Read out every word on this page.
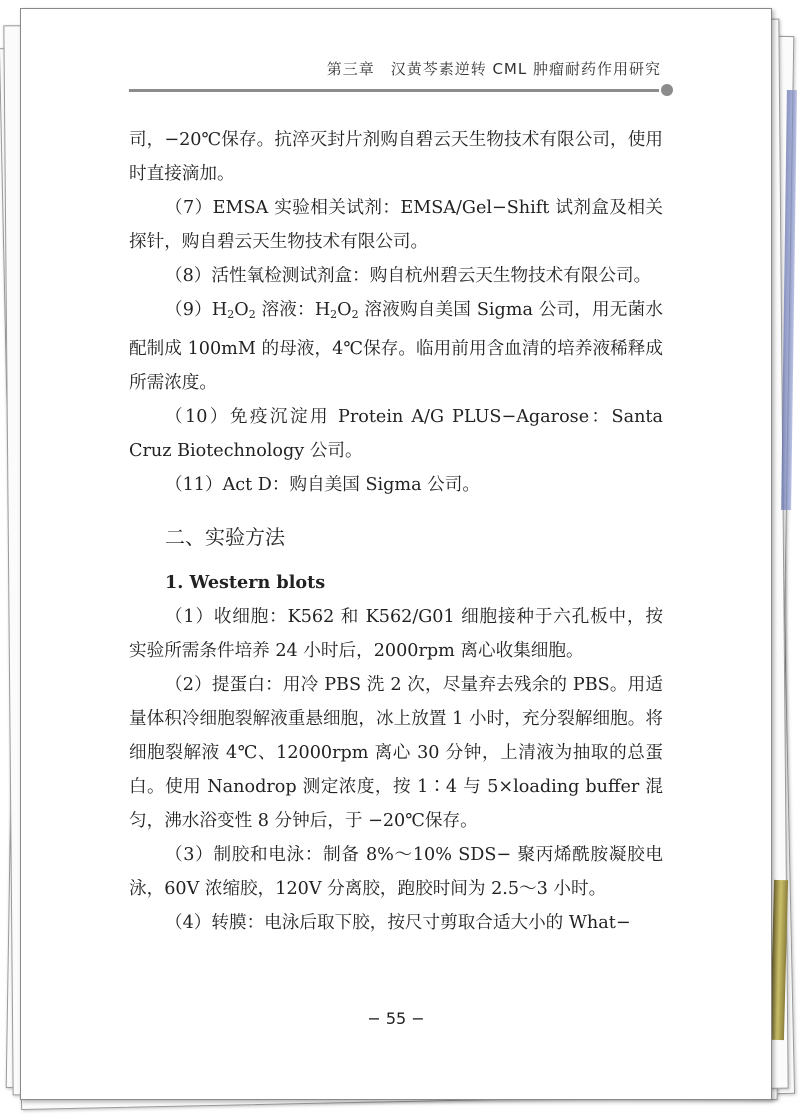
第三章　汉黄芩素逆转 CML 肿瘤耐药作用研究

司，−20℃保存。抗淬灭封片剂购自碧云天生物技术有限公司，使用时直接滴加。

（7）EMSA 实验相关试剂：EMSA/Gel−Shift 试剂盒及相关探针，购自碧云天生物技术有限公司。

（8）活性氧检测试剂盒：购自杭州碧云天生物技术有限公司。

$(9)H_2O_2$ 溶液：$H_2O_2$ 溶液购自美国 Sigma 公司，用无菌水配制成 100mM 的母液，4℃保存。临用前用含血清的培养液稀释成所需浓度。

（10）免疫沉淀用 Protein A/G PLUS−Agarose：Santa Cruz Biotechnology 公司。

（11）Act D：购自美国 Sigma 公司。

二、实验方法

1. Western blots

（1）收细胞：K562 和 K562/G01 细胞接种于六孔板中，按实验所需条件培养 24 小时后，2000rpm 离心收集细胞。

（2）提蛋白：用冷 PBS 洗 2 次，尽量弃去残余的 PBS。用适量体积冷细胞裂解液重悬细胞，冰上放置 1 小时，充分裂解细胞。将细胞裂解液 4℃、12000rpm 离心 30 分钟，上清液为抽取的总蛋白。使用 Nanodrop 测定浓度，按 1∶4 与 5×loading buffer 混匀，沸水浴变性 8 分钟后，于 −20℃保存。

（3）制胶和电泳：制备 8%～10% SDS− 聚丙烯酰胺凝胶电泳，60V 浓缩胶，120V 分离胶，跑胶时间为 2.5～3 小时。

（4）转膜：电泳后取下胶，按尺寸剪取合适大小的 What−

− 55 −
